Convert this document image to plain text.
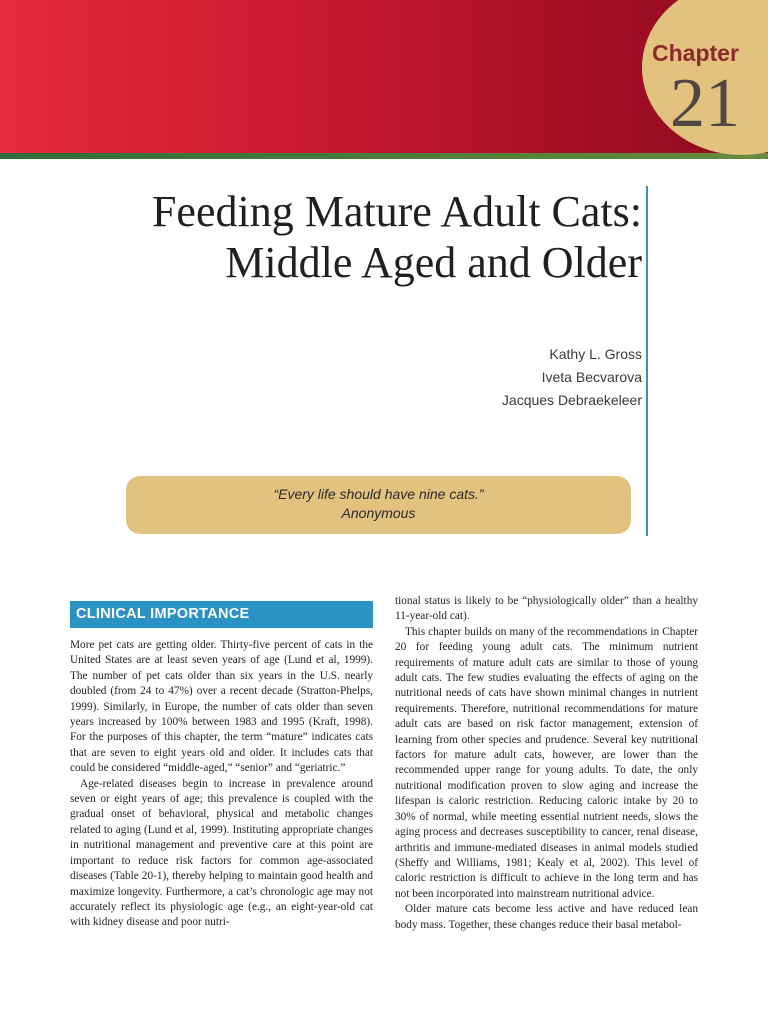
Chapter
21
Feeding Mature Adult Cats:
Middle Aged and Older
Kathy L. Gross
Iveta Becvarova
Jacques Debraekeleer
“Every life should have nine cats.”
Anonymous
CLINICAL IMPORTANCE

More pet cats are getting older. Thirty-five percent of cats in the United States are at least seven years of age (Lund et al, 1999). The number of pet cats older than six years in the U.S. nearly doubled (from 24 to 47%) over a recent decade (Stratton-Phelps, 1999). Similarly, in Europe, the number of cats older than seven years increased by 100% between 1983 and 1995 (Kraft, 1998). For the purposes of this chapter, the term “mature” indicates cats that are seven to eight years old and older. It includes cats that could be considered “middle-aged,” “senior” and “geriatric.”

Age-related diseases begin to increase in prevalence around seven or eight years of age; this prevalence is coupled with the gradual onset of behavioral, physical and metabolic changes related to aging (Lund et al, 1999). Instituting appropriate changes in nutritional management and preventive care at this point are important to reduce risk factors for common age-associated diseases (Table 20-1), thereby helping to maintain good health and maximize longevity. Furthermore, a cat’s chronologic age may not accurately reflect its physiologic age (e.g., an eight-year-old cat with kidney disease and poor nutri-

tional status is likely to be “physiologically older” than a healthy 11-year-old cat).

This chapter builds on many of the recommendations in Chapter 20 for feeding young adult cats. The minimum nutrient requirements of mature adult cats are similar to those of young adult cats. The few studies evaluating the effects of aging on the nutritional needs of cats have shown minimal changes in nutrient requirements. Therefore, nutritional recommendations for mature adult cats are based on risk factor management, extension of learning from other species and prudence. Several key nutritional factors for mature adult cats, however, are lower than the recommended upper range for young adults. To date, the only nutritional modification proven to slow aging and increase the lifespan is caloric restriction. Reducing caloric intake by 20 to 30% of normal, while meeting essential nutrient needs, slows the aging process and decreases susceptibility to cancer, renal disease, arthritis and immune-mediated diseases in animal models studied (Sheffy and Williams, 1981; Kealy et al, 2002). This level of caloric restriction is difficult to achieve in the long term and has not been incorporated into mainstream nutritional advice.

Older mature cats become less active and have reduced lean body mass. Together, these changes reduce their basal metabol-
